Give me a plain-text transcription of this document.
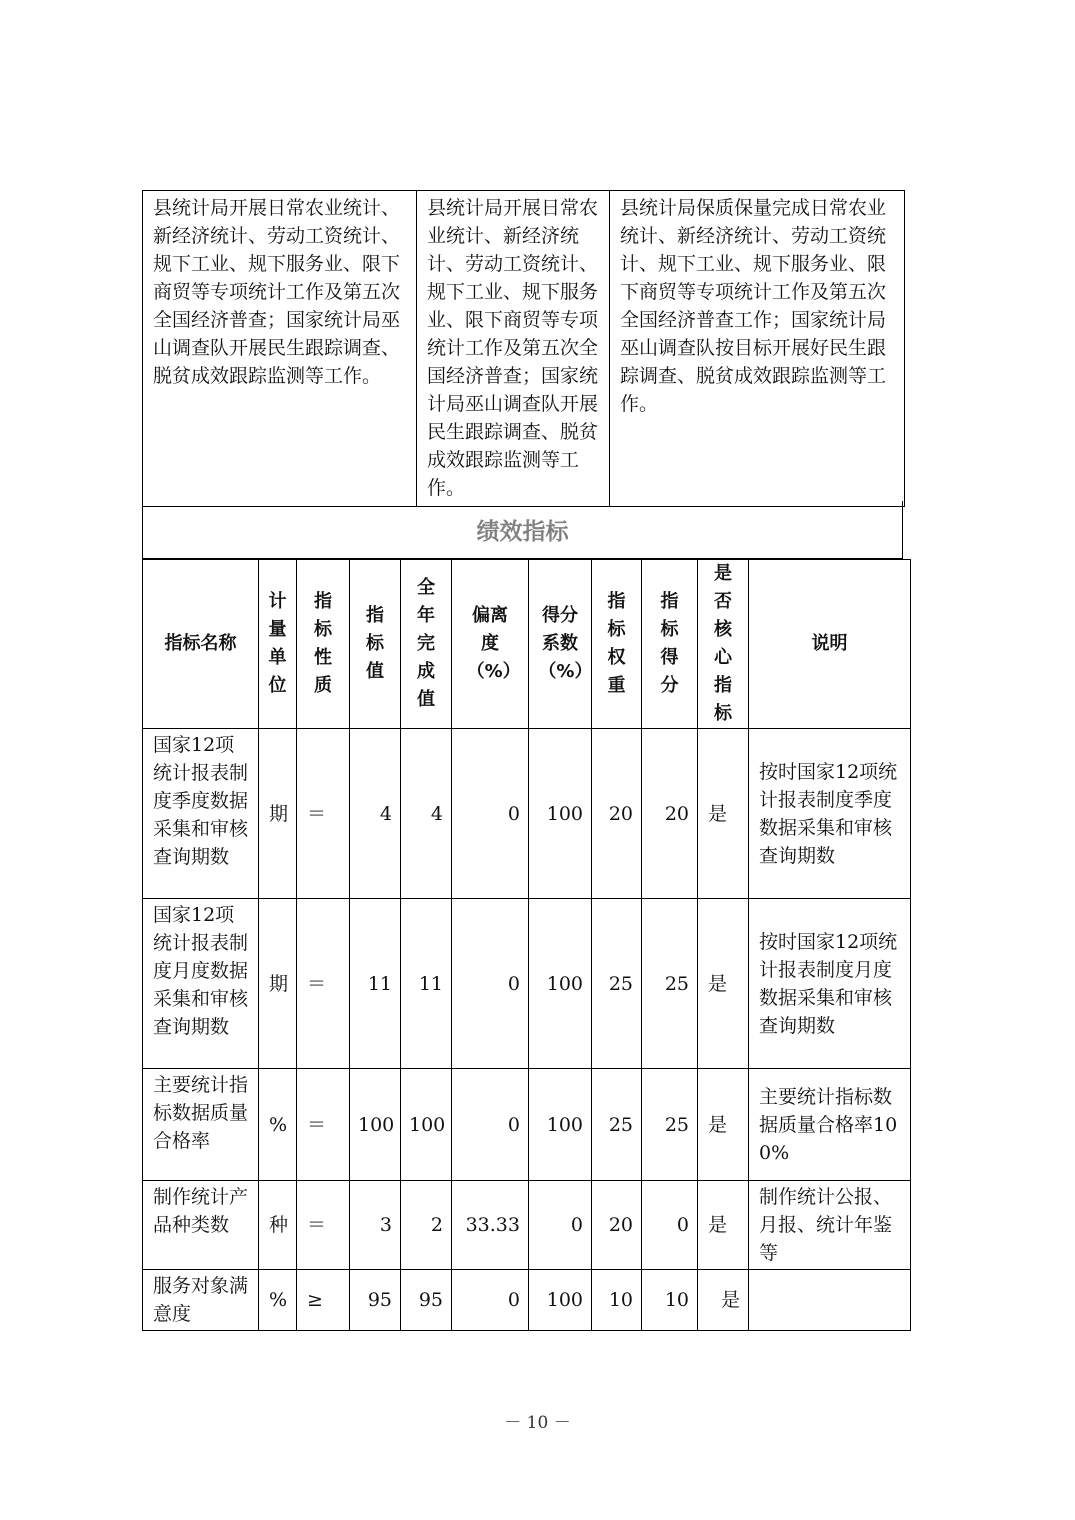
县统计局开展日常农业统计、新经济统计、劳动工资统计、规下工业、规下服务业、限下商贸等专项统计工作及第五次全国经济普查；国家统计局巫山调查队开展民生跟踪调查、脱贫成效跟踪监测等工作。	县统计局开展日常农业统计、新经济统计、劳动工资统计、规下工业、规下服务业、限下商贸等专项统计工作及第五次全国经济普查；国家统计局巫山调查队开展民生跟踪调查、脱贫成效跟踪监测等工作。	县统计局保质保量完成日常农业统计、新经济统计、劳动工资统计、规下工业、规下服务业、限下商贸等专项统计工作及第五次全国经济普查工作；国家统计局巫山调查队按目标开展好民生跟踪调查、脱贫成效跟踪监测等工作。
绩效指标
指标名称	计量单位	指标性质	指标值	全年完成值	偏离度（%）	得分系数（%）	指标权重	指标得分	是否核心指标	说明
国家12项统计报表制度季度数据采集和审核查询期数	期	＝	4	4	0	100	20	20	是	按时国家12项统计报表制度季度数据采集和审核查询期数
国家12项统计报表制度月度数据采集和审核查询期数	期	＝	11	11	0	100	25	25	是	按时国家12项统计报表制度月度数据采集和审核查询期数
主要统计指标数据质量合格率	%	＝	100	100	0	100	25	25	是	主要统计指标数据质量合格率100%
制作统计产品种类数	种	＝	3	2	33.33	0	20	0	是	制作统计公报、月报、统计年鉴等
服务对象满意度	%	≥	95	95	0	100	10	10	是	
－ 10 －
